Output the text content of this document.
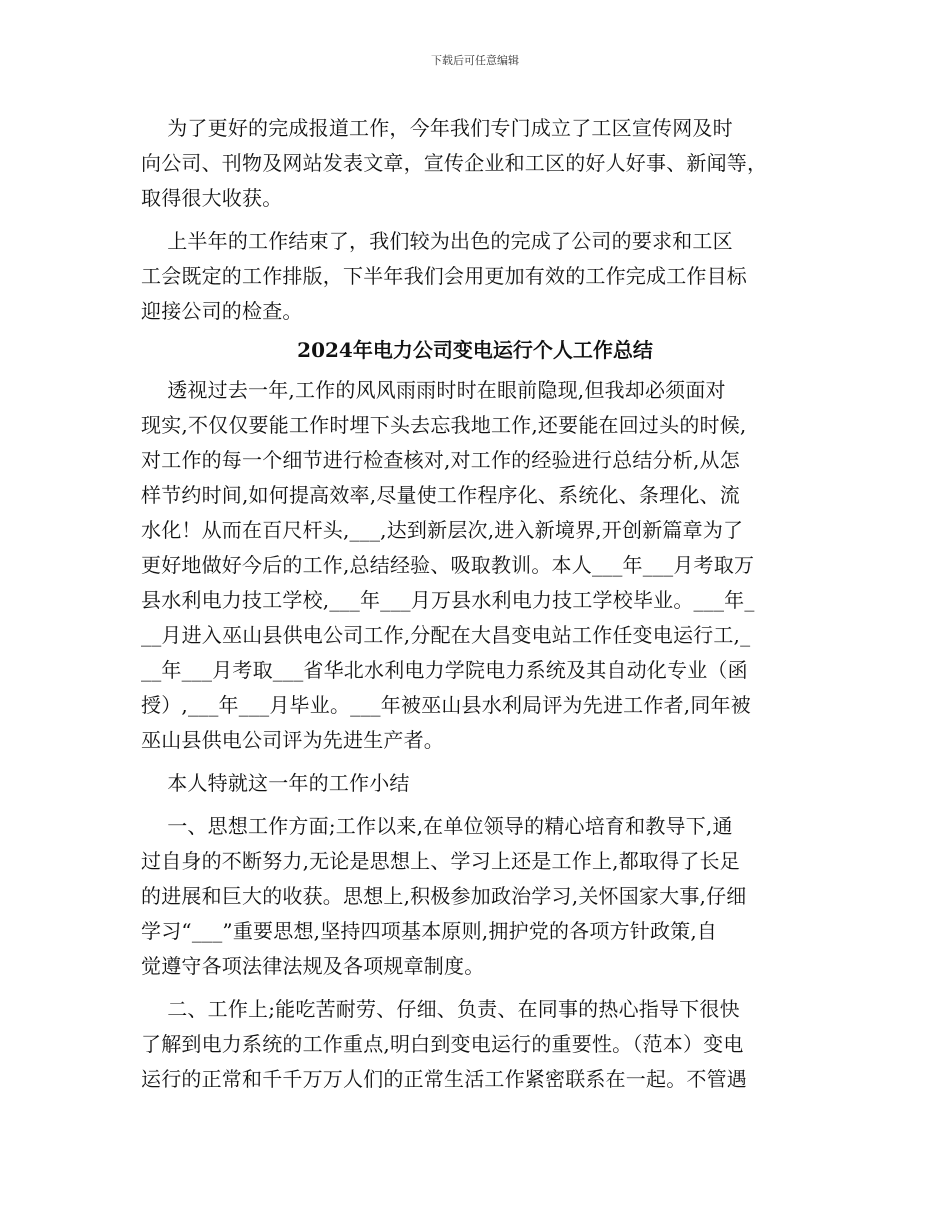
下载后可任意编辑
为了更好的完成报道工作，今年我们专门成立了工区宣传网及时
向公司、刊物及网站发表文章，宣传企业和工区的好人好事、新闻等，
取得很大收获。
上半年的工作结束了，我们较为出色的完成了公司的要求和工区
工会既定的工作排版，下半年我们会用更加有效的工作完成工作目标
迎接公司的检查。
2024年电力公司变电运行个人工作总结
透视过去一年,工作的风风雨雨时时在眼前隐现,但我却必须面对
现实,不仅仅要能工作时埋下头去忘我地工作,还要能在回过头的时候,
对工作的每一个细节进行检查核对,对工作的经验进行总结分析,从怎
样节约时间,如何提高效率,尽量使工作程序化、系统化、条理化、流
水化！从而在百尺杆头,___,达到新层次,进入新境界,开创新篇章为了
更好地做好今后的工作,总结经验、吸取教训。本人___年___月考取万
县水利电力技工学校,___年___月万县水利电力技工学校毕业。___年_
__月进入巫山县供电公司工作,分配在大昌变电站工作任变电运行工,_
__年___月考取___省华北水利电力学院电力系统及其自动化专业（函
授）,___年___月毕业。___年被巫山县水利局评为先进工作者,同年被
巫山县供电公司评为先进生产者。
本人特就这一年的工作小结
一、思想工作方面;工作以来,在单位领导的精心培育和教导下,通
过自身的不断努力,无论是思想上、学习上还是工作上,都取得了长足
的进展和巨大的收获。思想上,积极参加政治学习,关怀国家大事,仔细
学习“___”重要思想,坚持四项基本原则,拥护党的各项方针政策,自
觉遵守各项法律法规及各项规章制度。
二、工作上;能吃苦耐劳、仔细、负责、在同事的热心指导下很快
了解到电力系统的工作重点,明白到变电运行的重要性。（范本）变电
运行的正常和千千万万人们的正常生活工作紧密联系在一起。不管遇
